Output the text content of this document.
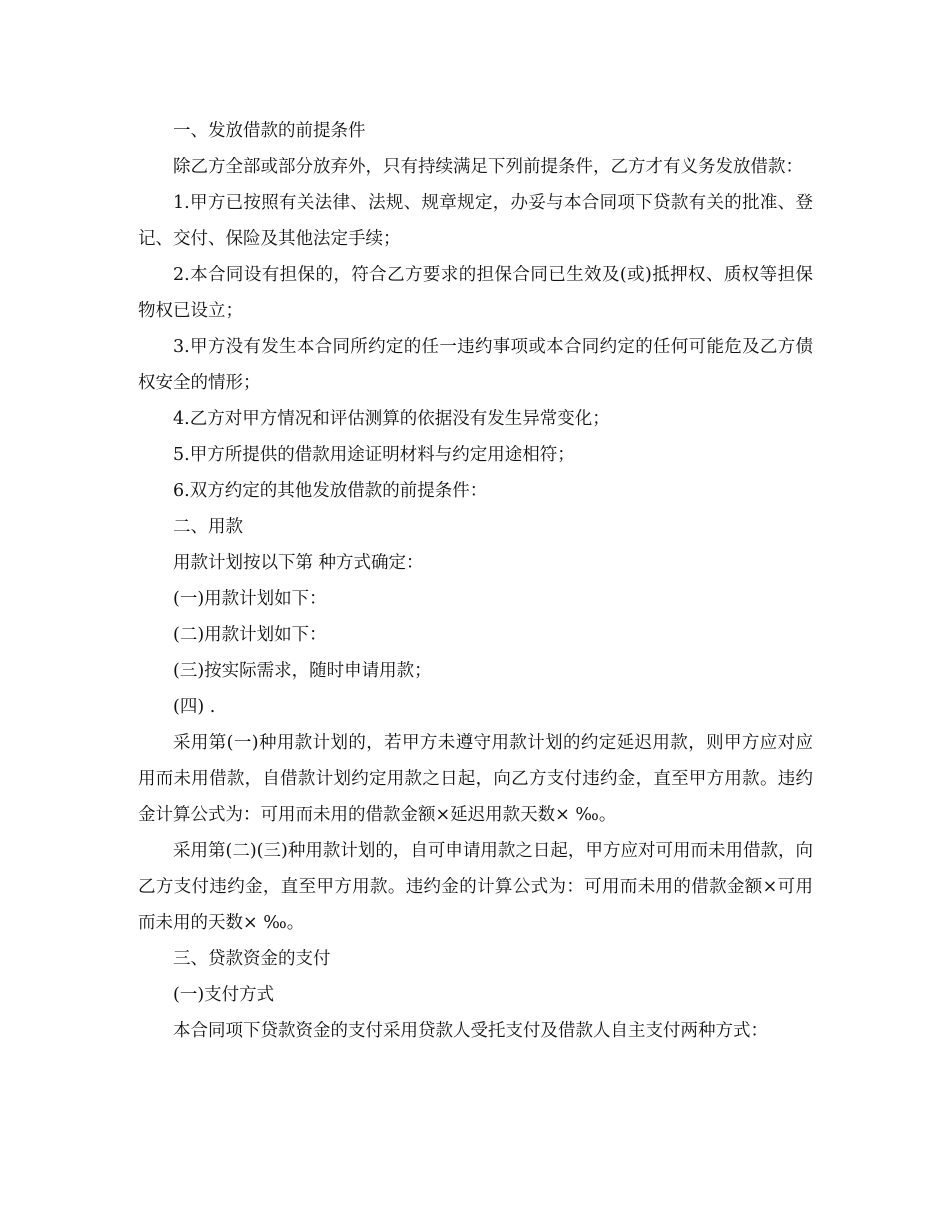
一、发放借款的前提条件

除乙方全部或部分放弃外，只有持续满足下列前提条件，乙方才有义务发放借款：

1.甲方已按照有关法律、法规、规章规定，办妥与本合同项下贷款有关的批准、登记、交付、保险及其他法定手续；

2.本合同设有担保的，符合乙方要求的担保合同已生效及(或)抵押权、质权等担保物权已设立；

3.甲方没有发生本合同所约定的任一违约事项或本合同约定的任何可能危及乙方债权安全的情形；

4.乙方对甲方情况和评估测算的依据没有发生异常变化；

5.甲方所提供的借款用途证明材料与约定用途相符；

6.双方约定的其他发放借款的前提条件：

二、用款

用款计划按以下第 种方式确定：

(一)用款计划如下：

(二)用款计划如下：

(三)按实际需求，随时申请用款；

(四) .

采用第(一)种用款计划的，若甲方未遵守用款计划的约定延迟用款，则甲方应对应用而未用借款，自借款计划约定用款之日起，向乙方支付违约金，直至甲方用款。违约金计算公式为：可用而未用的借款金额×延迟用款天数× ‰。

采用第(二)(三)种用款计划的，自可申请用款之日起，甲方应对可用而未用借款，向乙方支付违约金，直至甲方用款。违约金的计算公式为：可用而未用的借款金额×可用而未用的天数× ‰。

三、贷款资金的支付

(一)支付方式

本合同项下贷款资金的支付采用贷款人受托支付及借款人自主支付两种方式：
